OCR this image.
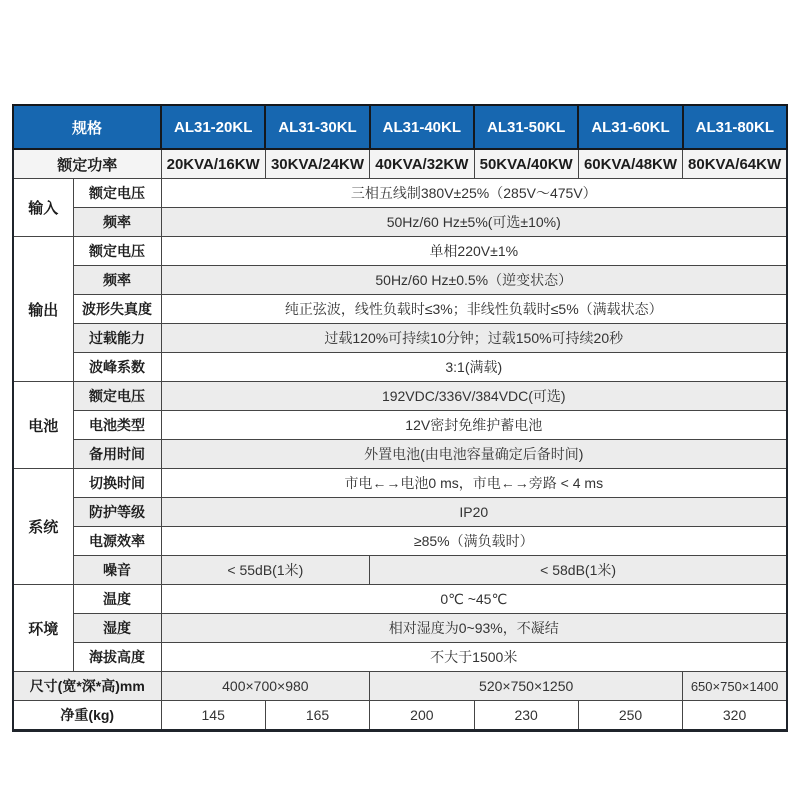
规格		AL31-20KL	AL31-30KL	AL31-40KL	AL31-50KL	AL31-60KL	AL31-80KL
额定功率		20KVA/16KW	30KVA/24KW	40KVA/32KW	50KVA/40KW	60KVA/48KW	80KVA/64KW
输入	额定电压	三相五线制380V±25%（285V～475V）					
	频率	50Hz/60 Hz±5%(可选±10%)					
输出	额定电压	单相220V±1%					
	频率	50Hz/60 Hz±0.5%（逆变状态）					
	波形失真度	纯正弦波，线性负载时≤3%；非线性负载时≤5%（满载状态）					
	过载能力	过载120%可持续10分钟；过载150%可持续20秒					
	波峰系数	3:1(满载)					
电池	额定电压	192VDC/336V/384VDC(可选)					
	电池类型	12V密封免维护蓄电池					
	备用时间	外置电池(由电池容量确定后备时间)					
系统	切换时间	市电←→电池0 ms，市电←→旁路 < 4 ms					
	防护等级	IP20					
	电源效率	≥85%（满负载时）					
	噪音	< 55dB(1米)		< 58dB(1米)			
环境	温度	0℃ ~45℃					
	湿度	相对湿度为0~93%，不凝结					
	海拔高度	不大于1500米					
尺寸(宽*深*高)mm		400×700×980		520×750×1250			650×750×1400
净重(kg)		145	165	200	230	250	320
